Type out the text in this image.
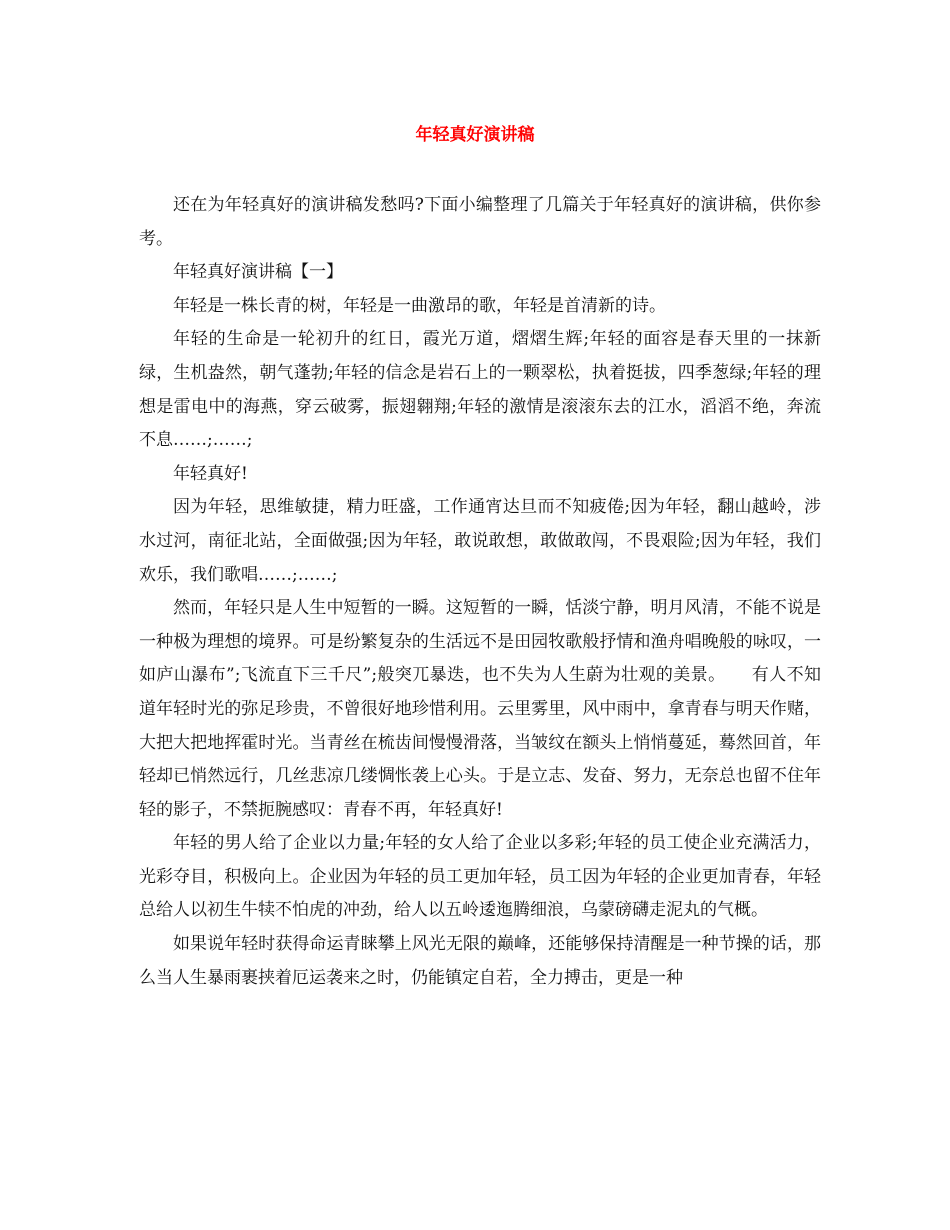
年轻真好演讲稿

还在为年轻真好的演讲稿发愁吗?下面小编整理了几篇关于年轻真好的演讲稿，供你参考。

年轻真好演讲稿【一】

年轻是一株长青的树，年轻是一曲激昂的歌，年轻是首清新的诗。

年轻的生命是一轮初升的红日，霞光万道，熠熠生辉;年轻的面容是春天里的一抹新绿，生机盎然，朝气蓬勃;年轻的信念是岩石上的一颗翠松，执着挺拔，四季葱绿;年轻的理想是雷电中的海燕，穿云破雾，振翅翱翔;年轻的激情是滚滚东去的江水，滔滔不绝，奔流不息……;……;

年轻真好!

因为年轻，思维敏捷，精力旺盛，工作通宵达旦而不知疲倦;因为年轻，翻山越岭，涉水过河，南征北站，全面做强;因为年轻，敢说敢想，敢做敢闯，不畏艰险;因为年轻，我们欢乐，我们歌唱……;……;

然而，年轻只是人生中短暂的一瞬。这短暂的一瞬，恬淡宁静，明月风清，不能不说是一种极为理想的境界。可是纷繁复杂的生活远不是田园牧歌般抒情和渔舟唱晚般的咏叹，一如庐山瀑布”;飞流直下三千尺”;般突兀暴迭，也不失为人生蔚为壮观的美景。　　有人不知道年轻时光的弥足珍贵，不曾很好地珍惜利用。云里雾里，风中雨中，拿青春与明天作赌，大把大把地挥霍时光。当青丝在梳齿间慢慢滑落，当皱纹在额头上悄悄蔓延，蓦然回首，年轻却已悄然远行，几丝悲凉几缕惆怅袭上心头。于是立志、发奋、努力，无奈总也留不住年轻的影子，不禁扼腕感叹：青春不再，年轻真好!

年轻的男人给了企业以力量;年轻的女人给了企业以多彩;年轻的员工使企业充满活力，光彩夺目，积极向上。企业因为年轻的员工更加年轻，员工因为年轻的企业更加青春，年轻总给人以初生牛犊不怕虎的冲劲，给人以五岭逶迤腾细浪，乌蒙磅礴走泥丸的气概。

如果说年轻时获得命运青睐攀上风光无限的巅峰，还能够保持清醒是一种节操的话，那么当人生暴雨裹挟着厄运袭来之时，仍能镇定自若，全力搏击，更是一种
